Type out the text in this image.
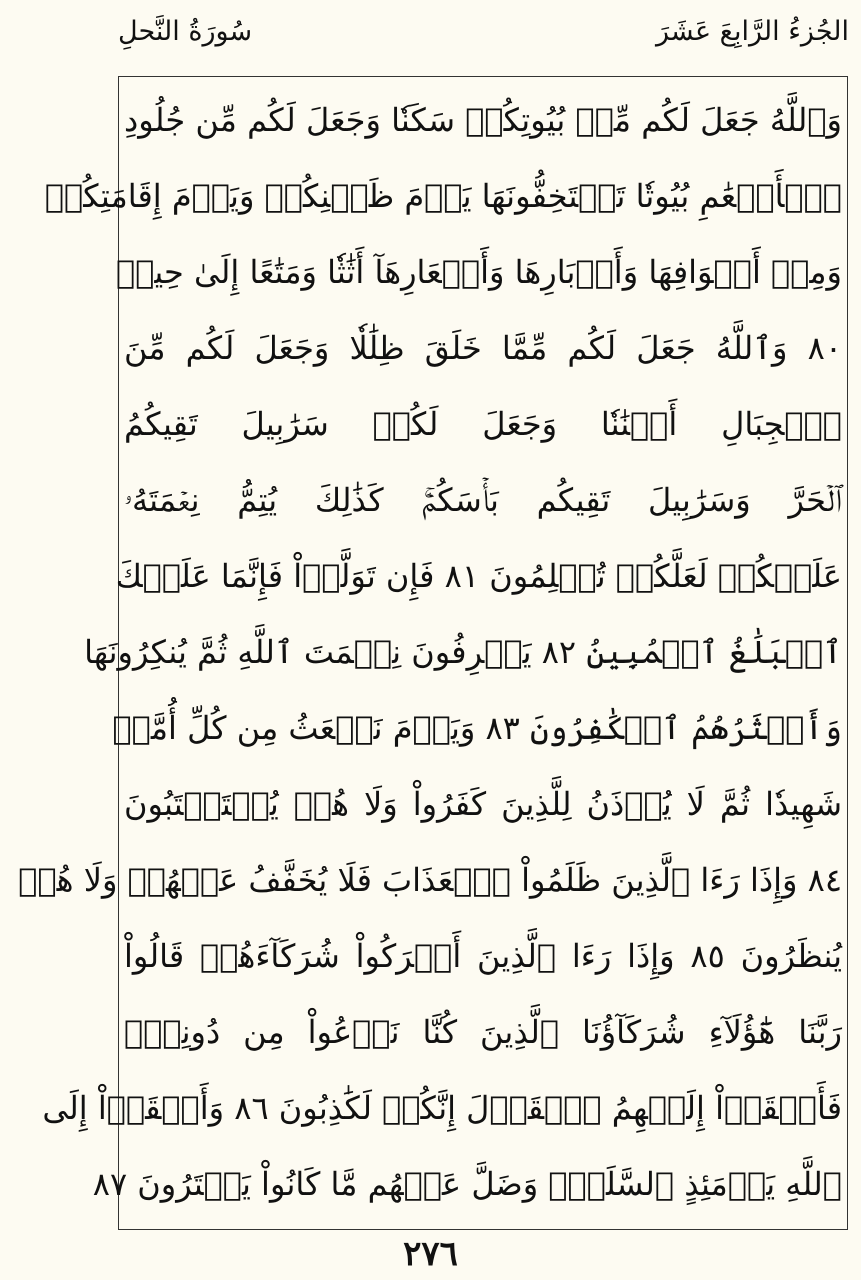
سُورَةُ النَّحلِ	الجُزءُ الرَّابِعَ عَشَرَ
وَٱللَّهُ جَعَلَ لَكُم مِّنۢ بُيُوتِكُمۡ سَكَنٗا وَجَعَلَ لَكُم مِّن جُلُودِ
ٱلۡأَنۡعَٰمِ بُيُوتٗا تَسۡتَخِفُّونَهَا يَوۡمَ ظَعۡنِكُمۡ وَيَوۡمَ إِقَامَتِكُمۡ
وَمِنۡ أَصۡوَافِهَا وَأَوۡبَارِهَا وَأَشۡعَارِهَآ أَثَٰثٗا وَمَتَٰعًا إِلَىٰ حِينٖ
٨٠ وَٱللَّهُ جَعَلَ لَكُم مِّمَّا خَلَقَ ظِلَٰلٗا وَجَعَلَ لَكُم مِّنَ
ٱلۡجِبَالِ أَكۡنَٰنٗا وَجَعَلَ لَكُمۡ سَرَٰبِيلَ تَقِيكُمُ
ٱلۡحَرَّ وَسَرَٰبِيلَ تَقِيكُم بَأۡسَكُمۡۚ كَذَٰلِكَ يُتِمُّ نِعۡمَتَهُۥ
عَلَيۡكُمۡ لَعَلَّكُمۡ تُسۡلِمُونَ ٨١ فَإِن تَوَلَّوۡاْ فَإِنَّمَا عَلَيۡكَ
ٱلۡبَلَٰغُ ٱلۡمُبِينُ ٨٢ يَعۡرِفُونَ نِعۡمَتَ ٱللَّهِ ثُمَّ يُنكِرُونَهَا
وَأَكۡثَرُهُمُ ٱلۡكَٰفِرُونَ ٨٣ وَيَوۡمَ نَبۡعَثُ مِن كُلِّ أُمَّةٖ
شَهِيدٗا ثُمَّ لَا يُؤۡذَنُ لِلَّذِينَ كَفَرُواْ وَلَا هُمۡ يُسۡتَعۡتَبُونَ
٨٤ وَإِذَا رَءَا ٱلَّذِينَ ظَلَمُواْ ٱلۡعَذَابَ فَلَا يُخَفَّفُ عَنۡهُمۡ وَلَا هُمۡ
يُنظَرُونَ ٨٥ وَإِذَا رَءَا ٱلَّذِينَ أَشۡرَكُواْ شُرَكَآءَهُمۡ قَالُواْ
رَبَّنَا هَٰٓؤُلَآءِ شُرَكَآؤُنَا ٱلَّذِينَ كُنَّا نَدۡعُواْ مِن دُونِكَۖ
فَأَلۡقَوۡاْ إِلَيۡهِمُ ٱلۡقَوۡلَ إِنَّكُمۡ لَكَٰذِبُونَ ٨٦ وَأَلۡقَوۡاْ إِلَى
ٱللَّهِ يَوۡمَئِذٍ ٱلسَّلَمَۖ وَضَلَّ عَنۡهُم مَّا كَانُواْ يَفۡتَرُونَ ٨٧
٢٧٦
